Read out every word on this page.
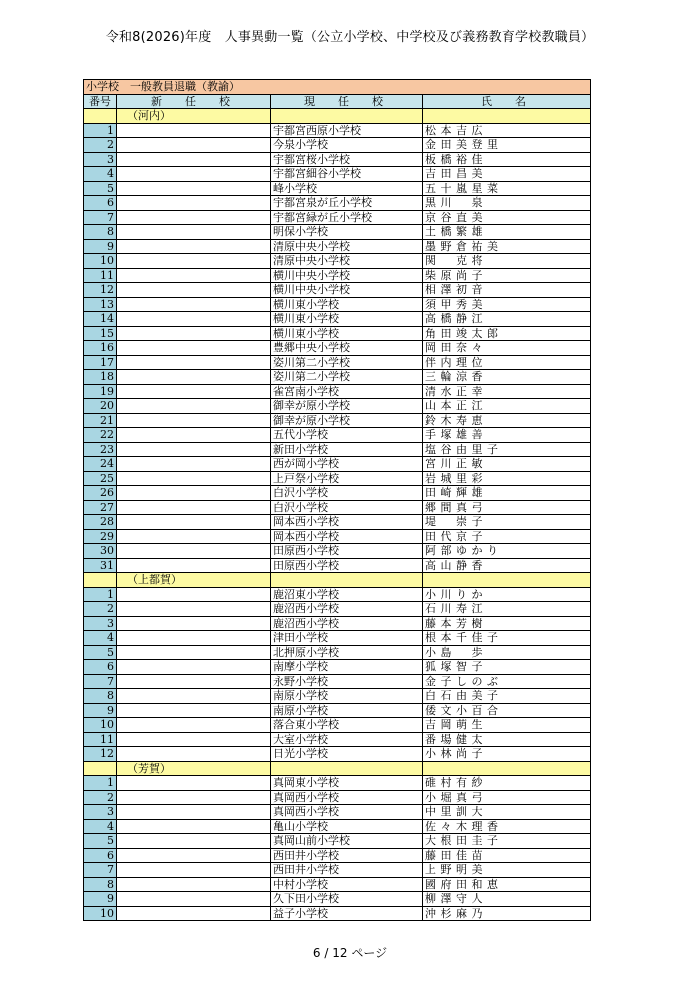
令和8(2026)年度　人事異動一覧（公立小学校、中学校及び義務教育学校教職員）
小学校　一般教員退職（教諭）			
番号	新　任　校	現　任　校	氏　名
	（河内）		
1		宇都宮西原小学校	松本吉広
2		今泉小学校	金田美登里
3		宇都宮桜小学校	板橋裕佳
4		宇都宮細谷小学校	吉田昌美
5		峰小学校	五十嵐星菜
6		宇都宮泉が丘小学校	黒川　泉
7		宇都宮緑が丘小学校	京谷直美
8		明保小学校	土橋繁雄
9		清原中央小学校	墨野倉祐美
10		清原中央小学校	関　克将
11		横川中央小学校	柴原尚子
12		横川中央小学校	相澤初音
13		横川東小学校	須甲秀美
14		横川東小学校	高橋静江
15		横川東小学校	角田竣太郎
16		豊郷中央小学校	岡田奈々
17		姿川第二小学校	伴内理位
18		姿川第二小学校	三輪涼香
19		雀宮南小学校	清水正幸
20		御幸が原小学校	山本正江
21		御幸が原小学校	鈴木寿恵
22		五代小学校	手塚雄善
23		新田小学校	塩谷由里子
24		西が岡小学校	宮川正敏
25		上戸祭小学校	岩城里彩
26		白沢小学校	田崎輝雄
27		白沢小学校	郷間真弓
28		岡本西小学校	堤　崇子
29		岡本西小学校	田代京子
30		田原西小学校	阿部ゆかり
31		田原西小学校	高山静香
	（上都賀）		
1		鹿沼東小学校	小川りか
2		鹿沼西小学校	石川寿江
3		鹿沼西小学校	藤本芳樹
4		津田小学校	根本千佳子
5		北押原小学校	小島　歩
6		南摩小学校	狐塚智子
7		永野小学校	金子しのぶ
8		南原小学校	白石由美子
9		南原小学校	倭文小百合
10		落合東小学校	吉岡萌生
11		大室小学校	番場健太
12		日光小学校	小林尚子
	（芳賀）		
1		真岡東小学校	碓村有紗
2		真岡西小学校	小堀真弓
3		真岡西小学校	中里訓大
4		亀山小学校	佐々木理香
5		真岡山前小学校	大根田圭子
6		西田井小学校	藤田佳苗
7		西田井小学校	上野明美
8		中村小学校	國府田和恵
9		久下田小学校	柳澤守人
10		益子小学校	沖杉麻乃
6 / 12 ページ
